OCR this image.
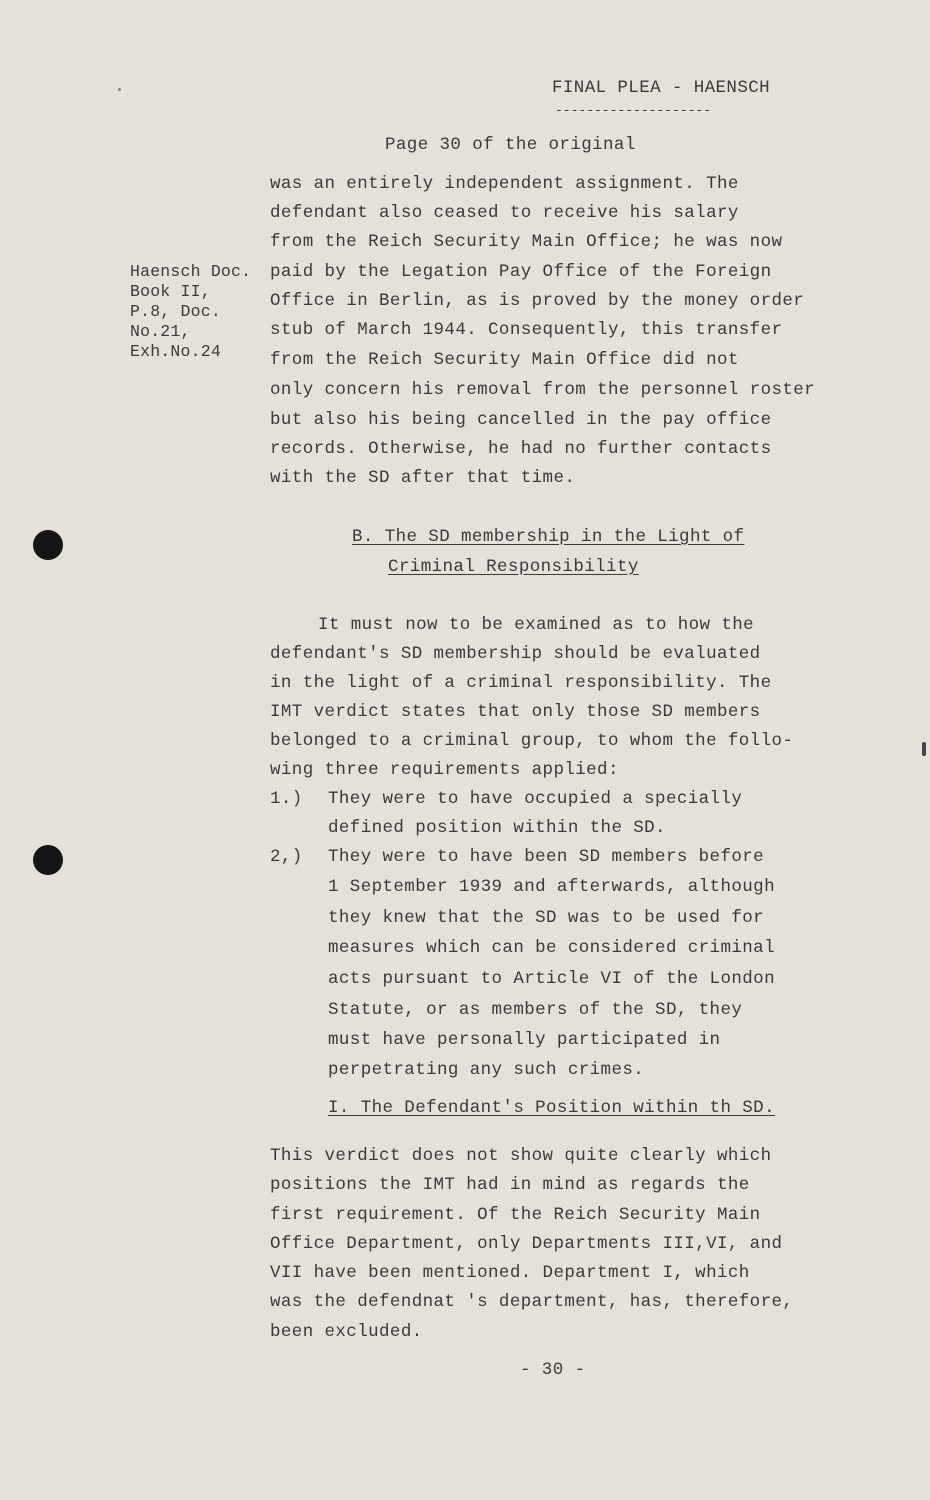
FINAL PLEA - HAENSCH
--------------------
Page 30 of the original
Haensch Doc.
Book II,
P.8, Doc.
No.21,
Exh.No.24
was an entirely independent assignment. The
defendant also ceased to receive his salary
from the Reich Security Main Office; he was now
paid by the Legation Pay Office of the Foreign
Office in Berlin, as is proved by the money order
stub of March 1944. Consequently, this transfer
from the Reich Security Main Office did not
only concern his removal from the personnel roster
but also his being cancelled in the pay office
records. Otherwise, he had no further contacts
with the SD after that time.
B. The SD membership in the Light of
Criminal Responsibility
It must now to be examined as to how the
defendant's SD membership should be evaluated
in the light of a criminal responsibility. The
IMT verdict states that only those SD members
belonged to a criminal group, to whom the follo-
wing three requirements applied:
1.) They were to have occupied a specially
defined position within the SD.
2,) They were to have been SD members before
1 September 1939 and afterwards, although
they knew that the SD was to be used for
measures which can be considered criminal
acts pursuant to Article VI of the London
Statute, or as members of the SD, they
must have personally participated in
perpetrating any such crimes.
I. The Defendant's Position within th SD.
This verdict does not show quite clearly which
positions the IMT had in mind as regards the
first requirement. Of the Reich Security Main
Office Department, only Departments III,VI, and
VII have been mentioned. Department I, which
was the defendnat 's department, has, therefore,
been excluded.
- 30 -
